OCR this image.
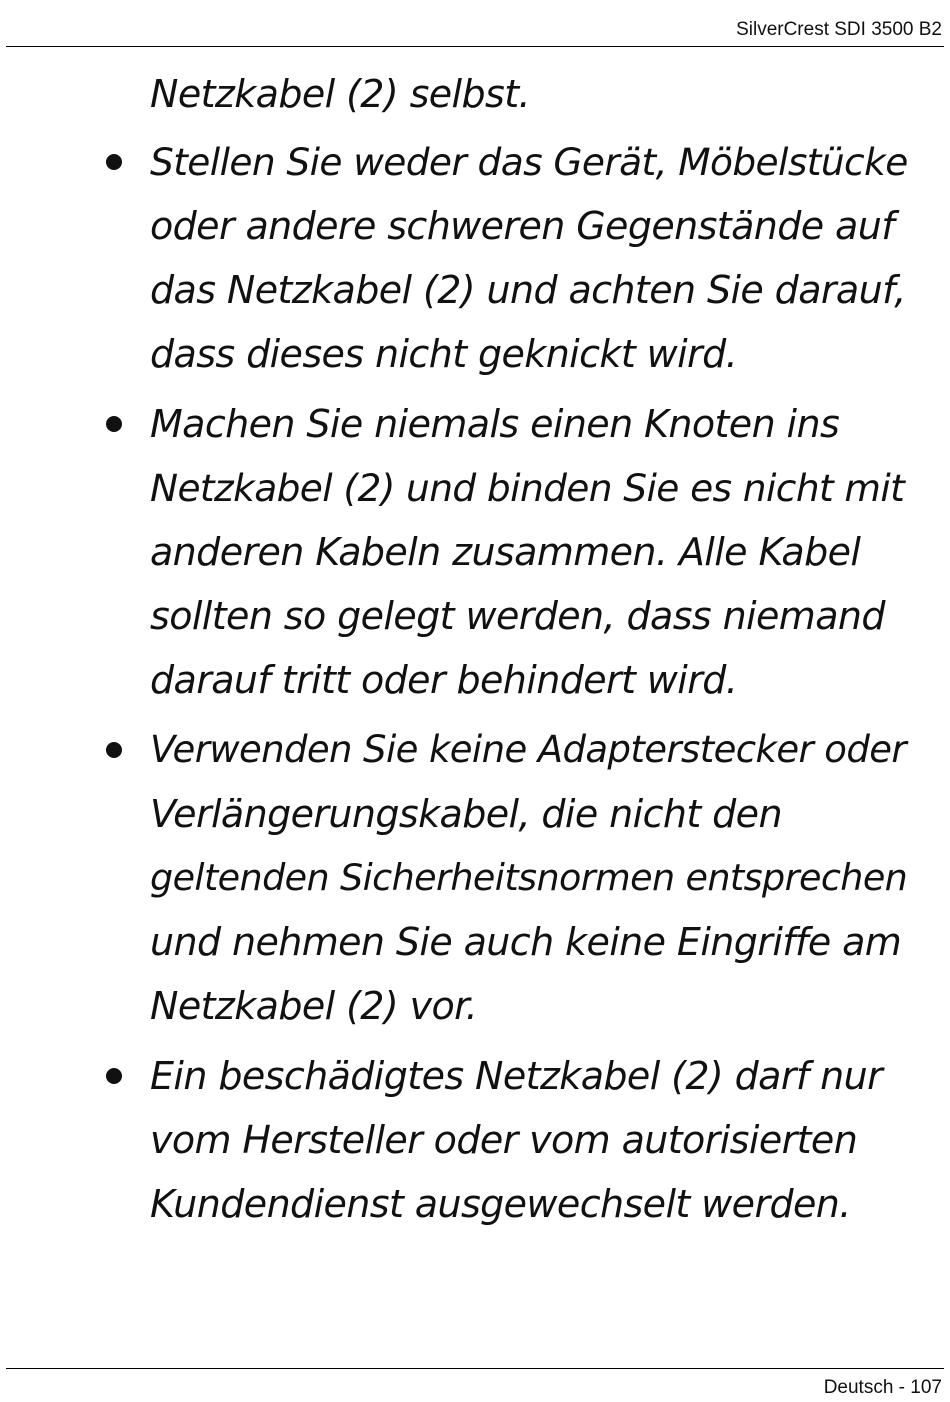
SilverCrest SDI 3500 B2
Netzkabel (2) selbst.
Stellen Sie weder das Gerät, Möbelstücke
oder andere schweren Gegenstände auf
das Netzkabel (2) und achten Sie darauf,
dass dieses nicht geknickt wird.
Machen Sie niemals einen Knoten ins
Netzkabel (2) und binden Sie es nicht mit
anderen Kabeln zusammen. Alle Kabel
sollten so gelegt werden, dass niemand
darauf tritt oder behindert wird.
Verwenden Sie keine Adapterstecker oder
Verlängerungskabel, die nicht den
geltenden Sicherheitsnormen entsprechen
und nehmen Sie auch keine Eingriffe am
Netzkabel (2) vor.
Ein beschädigtes Netzkabel (2) darf nur
vom Hersteller oder vom autorisierten
Kundendienst ausgewechselt werden.
Deutsch - 107
